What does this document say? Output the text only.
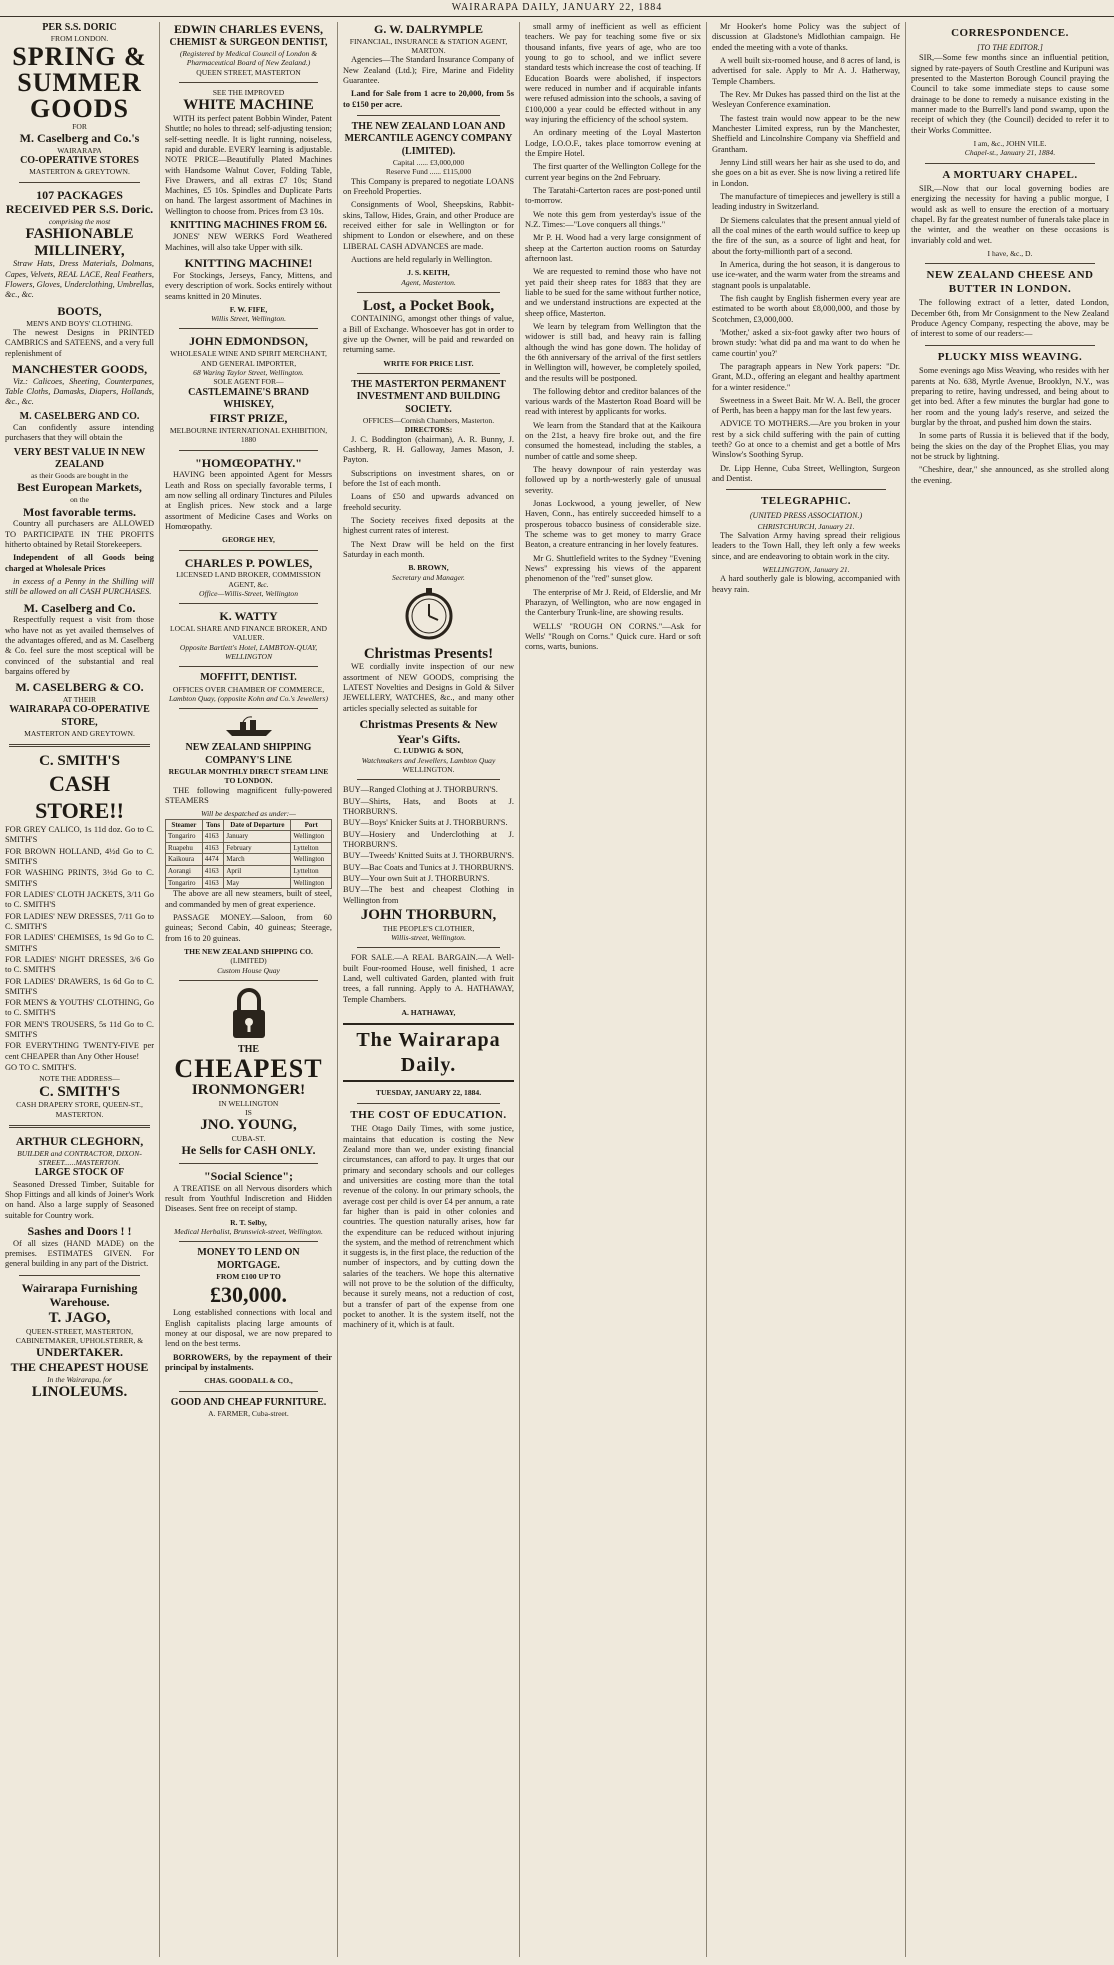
WAIRARAPA DAILY, JANUARY 22, 1884
PER S.S. DORIC
FROM LONDON.
SPRING &
SUMMER
GOODS
FOR
M. Caselberg and Co.'s
WAIRARAPA
CO-OPERATIVE STORES
MASTERTON & GREYTOWN.
107 PACKAGES RECEIVED PER S.S. Doric.
comprising the most
FASHIONABLE
MILLINERY,

Straw Hats, Dress Materials, Dolmans, Capes, Velvets, REAL LACE, Real Feathers, Flowers, Gloves, Underclothing, Umbrellas, &c., &c.

BOOTS,
MEN'S AND BOYS' CLOTHING.

The newest Designs in PRINTED CAMBRICS and SATEENS, and a very full replenishment of

MANCHESTER GOODS,

Viz.: Calicoes, Sheeting, Counterpanes, Table Cloths, Damasks, Diapers, Hollands, &c., &c.

M. CASELBERG AND CO.

Can confidently assure intending purchasers that they will obtain the

VERY BEST VALUE IN NEW ZEALAND
as their Goods are bought in the
Best European Markets,
on the
Most favorable terms.

Country all purchasers are ALLOWED TO PARTICIPATE IN THE PROFITS hitherto obtained by Retail Storekeepers.

Independent of all Goods being charged at Wholesale Prices

in excess of a Penny in the Shilling will still be allowed on all CASH PURCHASES.

M. Caselberg and Co.

Respectfully request a visit from those who have not as yet availed themselves of the advantages offered, and as M. Caselberg & Co. feel sure the most sceptical will be convinced of the substantial and real bargains offered by

M. CASELBERG & CO.
AT THEIR
WAIRARAPA CO-OPERATIVE STORE,
MASTERTON AND GREYTOWN.
C. SMITH'S
CASH STORE!!

FOR GREY CALICO, 1s 11d doz. Go to C. SMITH'S

FOR BROWN HOLLAND, 4½d Go to C. SMITH'S

FOR WASHING PRINTS, 3½d Go to C. SMITH'S

FOR LADIES' CLOTH JACKETS, 3/11 Go to C. SMITH'S

FOR LADIES' NEW DRESSES, 7/11 Go to C. SMITH'S

FOR LADIES' CHEMISES, 1s 9d Go to C. SMITH'S

FOR LADIES' NIGHT DRESSES, 3/6 Go to C. SMITH'S

FOR LADIES' DRAWERS, 1s 6d Go to C. SMITH'S

FOR MEN'S & YOUTHS' CLOTHING, Go to C. SMITH'S

FOR MEN'S TROUSERS, 5s 11d Go to C. SMITH'S

FOR EVERYTHING TWENTY-FIVE per cent CHEAPER than Any Other House!

GO TO C. SMITH'S.

NOTE THE ADDRESS—
C. SMITH'S
CASH DRAPERY STORE, QUEEN-ST., MASTERTON.
ARTHUR CLEGHORN,
BUILDER and CONTRACTOR, DIXON-STREET......MASTERTON.
LARGE STOCK OF

Seasoned Dressed Timber, Suitable for Shop Fittings and all kinds of Joiner's Work on hand. Also a large supply of Seasoned suitable for Country work.

Sashes and Doors ! !

Of all sizes (HAND MADE) on the premises. ESTIMATES GIVEN. For general building in any part of the District.

Wairarapa Furnishing Warehouse.
T. JAGO,
QUEEN-STREET, MASTERTON,
CABINETMAKER, UPHOLSTERER, &
UNDERTAKER.
THE CHEAPEST HOUSE
In the Wairarapa, for
LINOLEUMS.
EDWIN CHARLES EVENS,
CHEMIST & SURGEON DENTIST,
(Registered by Medical Council of London & Pharmaceutical Board of New Zealand.)
QUEEN STREET, MASTERTON
SEE THE IMPROVED
WHITE MACHINE

WITH its perfect patent Bobbin Winder, Patent Shuttle; no holes to thread; self-adjusting tension; self-setting needle. It is light running, noiseless, rapid and durable. EVERY learning is adjustable. NOTE PRICE—Beautifully Plated Machines with Handsome Walnut Cover, Folding Table, Five Drawers, and all extras £7 10s; Stand Machines, £5 10s. Spindles and Duplicate Parts on hand. The largest assortment of Machines in Wellington to choose from. Prices from £3 10s.

KNITTING MACHINES FROM £6.

JONES' NEW WERKS Ford Weathered Machines, will also take Upper with silk.

KNITTING MACHINE!

For Stockings, Jerseys, Fancy, Mittens, and every description of work. Socks entirely without seams knitted in 20 Minutes.

F. W. FIFE,
Willis Street, Wellington.
JOHN EDMONDSON,
WHOLESALE WINE AND SPIRIT MERCHANT, AND GENERAL IMPORTER,
68 Waring Taylor Street, Wellington.
SOLE AGENT FOR—
CASTLEMAINE'S BRAND WHISKEY,
FIRST PRIZE,
MELBOURNE INTERNATIONAL EXHIBITION, 1880
"HOMŒOPATHY."

HAVING been appointed Agent for Messrs Leath and Ross on specially favorable terms, I am now selling all ordinary Tinctures and Pilules at English prices. New stock and a large assortment of Medicine Cases and Works on Homœopathy.

GEORGE HEY,
CHARLES P. POWLES,
LICENSED LAND BROKER, COMMISSION AGENT, &c.
Office—Willis-Street, Wellington
K. WATTY
LOCAL SHARE AND FINANCE BROKER, AND VALUER.
Opposite Bartlett's Hotel, LAMBTON-QUAY, WELLINGTON
MOFFITT, DENTIST.
OFFICES OVER CHAMBER OF COMMERCE,
Lambton Quay, (opposite Kohn and Co.'s Jewellers)
NEW ZEALAND SHIPPING COMPANY'S LINE
REGULAR MONTHLY DIRECT STEAM LINE TO LONDON.

THE following magnificent fully-powered STEAMERS

Will be despatched as under:—
Steamer	Tons	Date of Departure	Port
Tongariro	4163	January	Wellington
Ruapehu	4163	February	Lyttelton
Kaikoura	4474	March	Wellington
Aorangi	4163	April	Lyttelton
Tongariro	4163	May	Wellington

The above are all new steamers, built of steel, and commanded by men of great experience.

PASSAGE MONEY.—Saloon, from 60 guineas; Second Cabin, 40 guineas; Steerage, from 16 to 20 guineas.

THE NEW ZEALAND SHIPPING CO.
(LIMITED)
Custom House Quay
THE
CHEAPEST
IRONMONGER!
IN WELLINGTON
IS
JNO. YOUNG,
CUBA-ST.
He Sells for CASH ONLY.
"Social Science";

A TREATISE on all Nervous disorders which result from Youthful Indiscretion and Hidden Diseases. Sent free on receipt of stamp.

R. T. Selby,
Medical Herbalist, Brunswick-street, Wellington.
MONEY TO LEND ON MORTGAGE.
FROM £100 UP TO
£30,000.

Long established connections with local and English capitalists placing large amounts of money at our disposal, we are now prepared to lend on the best terms.

BORROWERS, by the repayment of their principal by instalments.

CHAS. GOODALL & CO.,
GOOD AND CHEAP FURNITURE.
A. FARMER, Cuba-street.
G. W. DALRYMPLE
FINANCIAL, INSURANCE & STATION AGENT, MARTON.

Agencies—The Standard Insurance Company of New Zealand (Ltd.); Fire, Marine and Fidelity Guarantee.

Land for Sale from 1 acre to 20,000, from 5s to £150 per acre.

THE NEW ZEALAND LOAN AND MERCANTILE AGENCY COMPANY (LIMITED).
Capital ...... £3,000,000
Reserve Fund ...... £115,000

This Company is prepared to negotiate LOANS on Freehold Properties.

Consignments of Wool, Sheepskins, Rabbit-skins, Tallow, Hides, Grain, and other Produce are received either for sale in Wellington or for shipment to London or elsewhere, and on these LIBERAL CASH ADVANCES are made.

Auctions are held regularly in Wellington.

J. S. KEITH,
Agent, Masterton.
Lost, a Pocket Book,

CONTAINING, amongst other things of value, a Bill of Exchange. Whosoever has got in order to give up the Owner, will be paid and rewarded on returning same.

WRITE FOR PRICE LIST.
THE MASTERTON PERMANENT INVESTMENT AND BUILDING SOCIETY.
OFFICES—Cornish Chambers, Masterton.
DIRECTORS:

J. C. Boddington (chairman), A. R. Bunny, J. Cashberg, R. H. Galloway, James Mason, J. Payton.

Subscriptions on investment shares, on or before the 1st of each month.

Loans of £50 and upwards advanced on freehold security.

The Society receives fixed deposits at the highest current rates of interest.

The Next Draw will be held on the first Saturday in each month.

B. BROWN,
Secretary and Manager.
Christmas Presents!

WE cordially invite inspection of our new assortment of NEW GOODS, comprising the LATEST Novelties and Designs in Gold & Silver JEWELLERY, WATCHES, &c., and many other articles specially selected as suitable for

Christmas Presents & New Year's Gifts.
C. LUDWIG & SON,
Watchmakers and Jewellers, Lambton Quay
WELLINGTON.

BUY—Ranged Clothing at J. THORBURN'S.

BUY—Shirts, Hats, and Boots at J. THORBURN'S.

BUY—Boys' Knicker Suits at J. THORBURN'S.

BUY—Hosiery and Underclothing at J. THORBURN'S.

BUY—Tweeds' Knitted Suits at J. THORBURN'S.

BUY—Bac Coats and Tunics at J. THORBURN'S.

BUY—Your own Suit at J. THORBURN'S.

BUY—The best and cheapest Clothing in Wellington from

JOHN THORBURN,
THE PEOPLE'S CLOTHIER,
Willis-street, Wellington.

FOR SALE.—A REAL BARGAIN.—A Well-built Four-roomed House, well finished, 1 acre Land, well cultivated Garden, planted with fruit trees, a fall running. Apply to A. HATHAWAY, Temple Chambers.

A. HATHAWAY,
The Wairarapa Daily.
TUESDAY, JANUARY 22, 1884.
THE COST OF EDUCATION.

THE Otago Daily Times, with some justice, maintains that education is costing the New Zealand more than we, under existing financial circumstances, can afford to pay. It urges that our primary and secondary schools and our colleges and universities are costing more than the total revenue of the colony. In our primary schools, the average cost per child is over £4 per annum, a rate far higher than is paid in other colonies and countries. The question naturally arises, how far the expenditure can be reduced without injuring the system, and the method of retrenchment which it suggests is, in the first place, the reduction of the number of inspectors, and by cutting down the salaries of the teachers. We hope this alternative will not prove to be the solution of the difficulty, because it surely means, not a reduction of cost, but a transfer of part of the expense from one pocket to another. It is the system itself, not the machinery of it, which is at fault.

small army of inefficient as well as efficient teachers. We pay for teaching some five or six thousand infants, five years of age, who are too young to go to school, and we inflict severe standard tests which increase the cost of teaching. If Education Boards were abolished, if inspectors were reduced in number and if acquirable infants were refused admission into the schools, a saving of £100,000 a year could be effected without in any way injuring the efficiency of the school system.

An ordinary meeting of the Loyal Masterton Lodge, I.O.O.F., takes place tomorrow evening at the Empire Hotel.

The first quarter of the Wellington College for the current year begins on the 2nd February.

The Taratahi-Carterton races are post-poned until to-morrow.

We note this gem from yesterday's issue of the N.Z. Times:—"Love conquers all things."

Mr P. H. Wood had a very large consignment of sheep at the Carterton auction rooms on Saturday afternoon last.

We are requested to remind those who have not yet paid their sheep rates for 1883 that they are liable to be sued for the same without further notice, and we understand instructions are expected at the sheep office, Masterton.

We learn by telegram from Wellington that the widower is still bad, and heavy rain is falling although the wind has gone down. The holiday of the 6th anniversary of the arrival of the first settlers in Wellington will, however, be completely spoiled, and the results will be postponed.

The following debtor and creditor balances of the various wards of the Masterton Road Board will be read with interest by applicants for works.

We learn from the Standard that at the Kaikoura on the 21st, a heavy fire broke out, and the fire consumed the homestead, including the stables, a number of cattle and some sheep.

The heavy downpour of rain yesterday was followed up by a north-westerly gale of unusual severity.

Jonas Lockwood, a young jeweller, of New Haven, Conn., has entirely succeeded himself to a prosperous tobacco business of considerable size. The scheme was to get money to marry Grace Beaton, a creature entrancing in her lovely features.

Mr G. Shuttlefield writes to the Sydney "Evening News" expressing his views of the apparent phenomenon of the "red" sunset glow.

The enterprise of Mr J. Reid, of Elderslie, and Mr Pharazyn, of Wellington, who are now engaged in the Canterbury Trunk-line, are showing results.

WELLS' "ROUGH ON CORNS."—Ask for Wells' "Rough on Corns." Quick cure. Hard or soft corns, warts, bunions.

Mr Hooker's home Policy was the subject of discussion at Gladstone's Midlothian campaign. He ended the meeting with a vote of thanks.

A well built six-roomed house, and 8 acres of land, is advertised for sale. Apply to Mr A. J. Hatherway, Temple Chambers.

The Rev. Mr Dukes has passed third on the list at the Wesleyan Conference examination.

The fastest train would now appear to be the new Manchester Limited express, run by the Manchester, Sheffield and Lincolnshire Company via Sheffield and Grantham.

Jenny Lind still wears her hair as she used to do, and she goes on a bit as ever. She is now living a retired life in London.

The manufacture of timepieces and jewellery is still a leading industry in Switzerland.

Dr Siemens calculates that the present annual yield of all the coal mines of the earth would suffice to keep up the fire of the sun, as a source of light and heat, for about the forty-millionth part of a second.

In America, during the hot season, it is dangerous to use ice-water, and the warm water from the streams and stagnant pools is unpalatable.

The fish caught by English fishermen every year are estimated to be worth about £8,000,000, and those by Scotchmen, £3,000,000.

'Mother,' asked a six-foot gawky after two hours of brown study: 'what did pa and ma want to do when he came courtin' you?'

The paragraph appears in New York papers: "Dr. Grant, M.D., offering an elegant and healthy apartment for a winter residence."

Sweetness in a Sweet Bait. Mr W. A. Bell, the grocer of Perth, has been a happy man for the last few years.

ADVICE TO MOTHERS.—Are you broken in your rest by a sick child suffering with the pain of cutting teeth? Go at once to a chemist and get a bottle of Mrs Winslow's Soothing Syrup.

Dr. Lipp Henne, Cuba Street, Wellington, Surgeon and Dentist.

TELEGRAPHIC.
(UNITED PRESS ASSOCIATION.)
CHRISTCHURCH, January 21.

The Salvation Army having spread their religious leaders to the Town Hall, they left only a few weeks since, and are endeavoring to obtain work in the city.

WELLINGTON, January 21.

A hard southerly gale is blowing, accompanied with heavy rain.

CORRESPONDENCE.
[TO THE EDITOR.]

SIR,—Some few months since an influential petition, signed by rate-payers of South Crestline and Kuripuni was presented to the Masterton Borough Council praying the Council to take some immediate steps to cause some drainage to be done to remedy a nuisance existing in the manner made to the Burrell's land pond swamp, upon the receipt of which they (the Council) decided to refer it to their Works Committee.

I am, &c., JOHN VILE.
Chapel-st., January 21, 1884.
A MORTUARY CHAPEL.

SIR,—Now that our local governing bodies are energizing the necessity for having a public morgue, I would ask as well to ensure the erection of a mortuary chapel. By far the greatest number of funerals take place in the winter, and the weather on these occasions is invariably cold and wet.

I have, &c., D.
NEW ZEALAND CHEESE AND BUTTER IN LONDON.

The following extract of a letter, dated London, December 6th, from Mr Consignment to the New Zealand Produce Agency Company, respecting the above, may be of interest to some of our readers:—

PLUCKY MISS WEAVING.

Some evenings ago Miss Weaving, who resides with her parents at No. 638, Myrtle Avenue, Brooklyn, N.Y., was preparing to retire, having undressed, and being about to get into bed. After a few minutes the burglar had gone to her room and the young lady's reserve, and seized the burglar by the throat, and pushed him down the stairs.

In some parts of Russia it is believed that if the body, being the skies on the day of the Prophet Elias, you may not be struck by lightning.

"Cheshire, dear," she announced, as she strolled along the evening.
